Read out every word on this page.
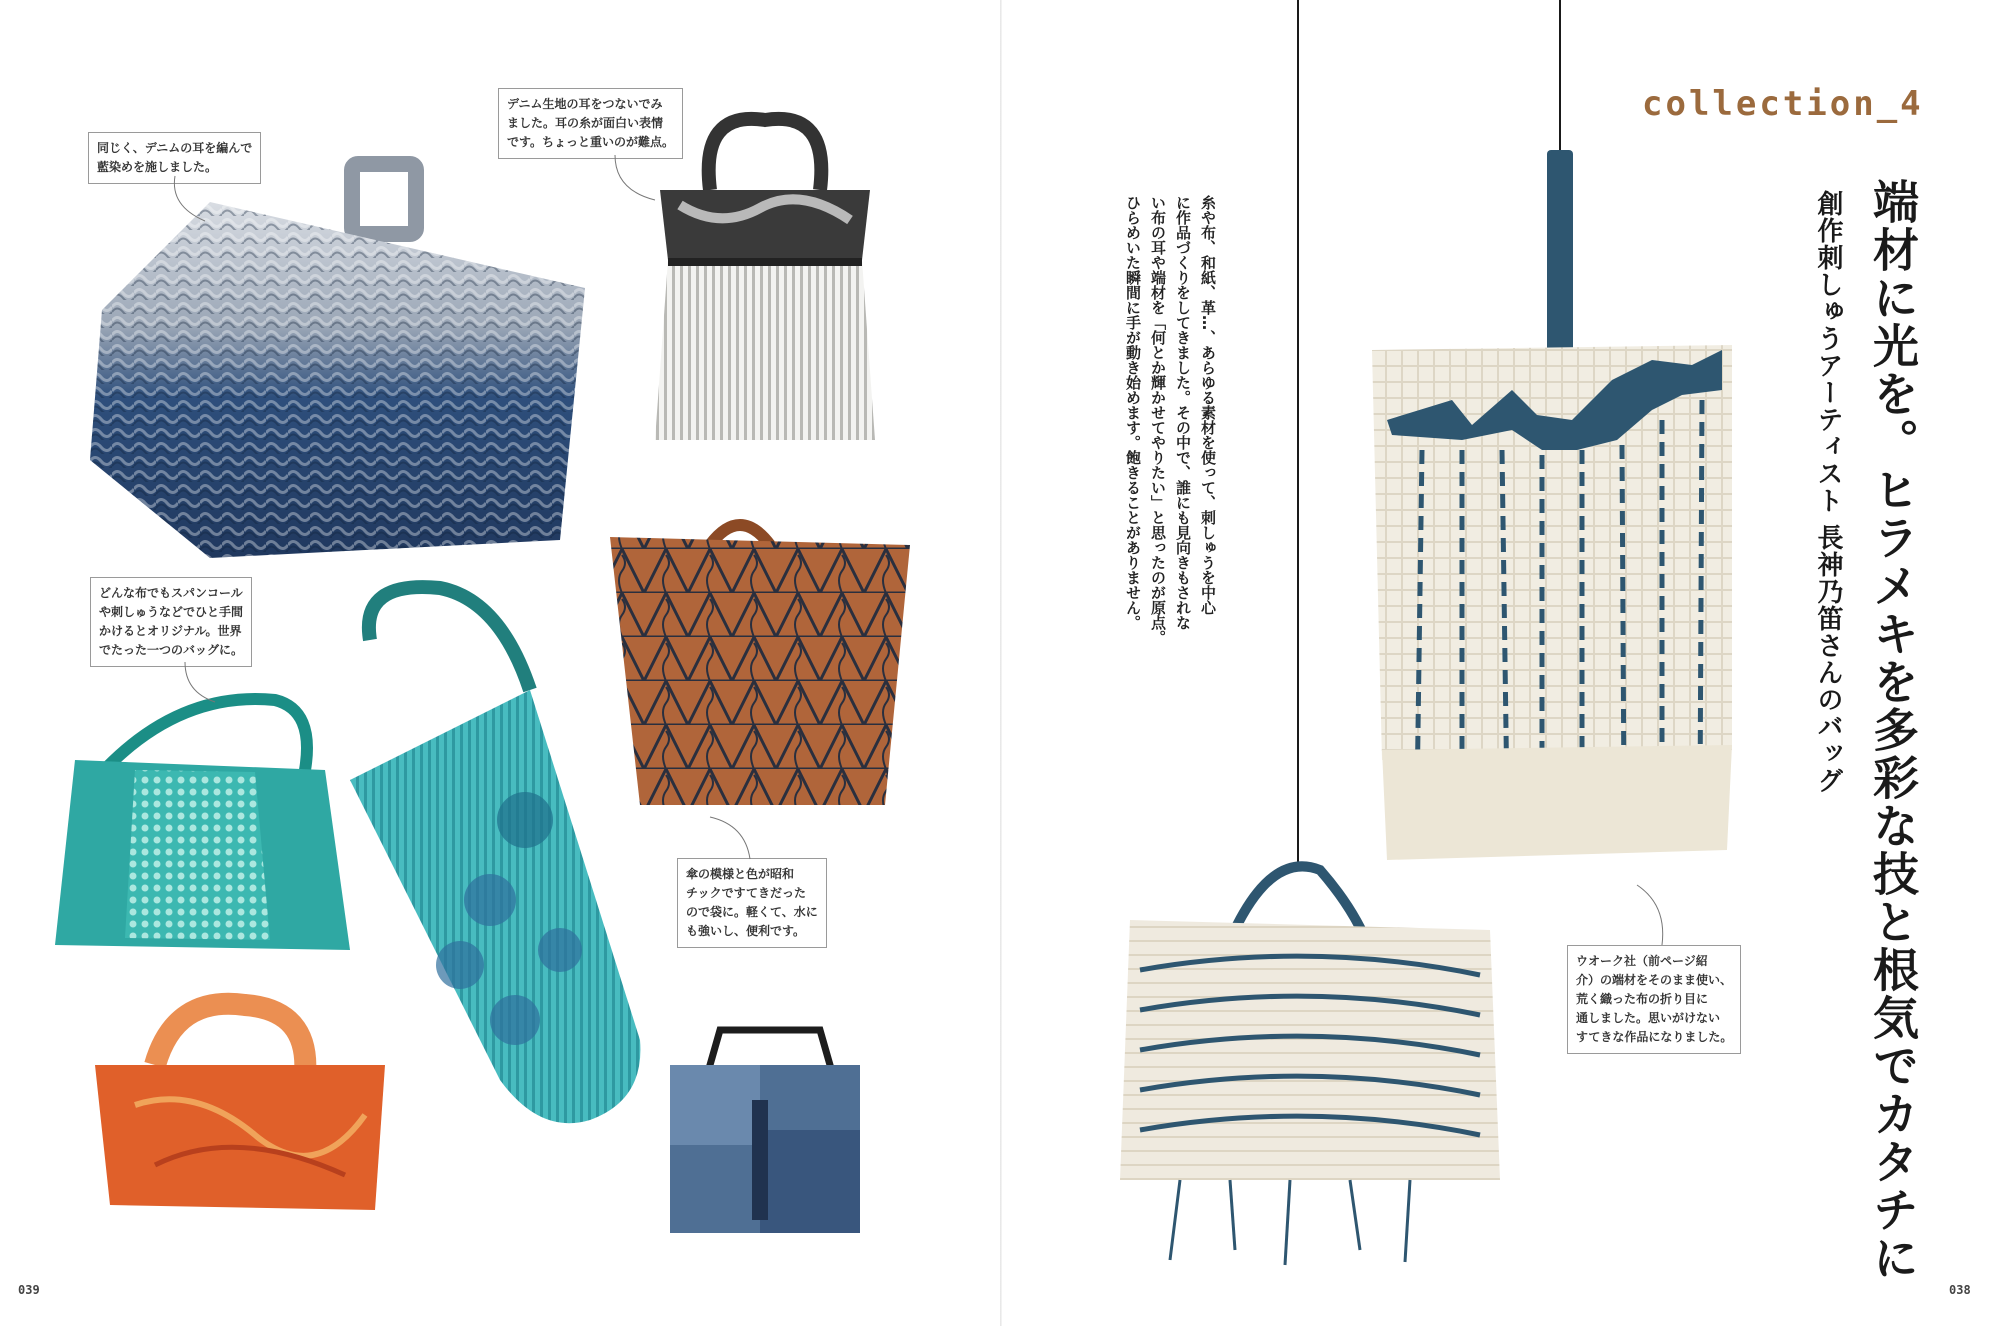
同じく、デニムの耳を編んで
藍染めを施しました。
デニム生地の耳をつないでみ
ました。耳の糸が面白い表情
です。ちょっと重いのが難点。
どんな布でもスパンコール
や刺しゅうなどでひと手間
かけるとオリジナル。世界
でたった一つのバッグに。
傘の模様と色が昭和
チックですてきだった
ので袋に。軽くて、水に
も強いし、便利です。
039
collection_4
端材に光を。ヒラメキを多彩な技と根気でカタチに
創作刺しゅうアーティスト 長神乃笛さんのバッグ
糸や布、和紙、革…、あらゆる素材を使って、刺しゅうを中心
に作品づくりをしてきました。その中で、誰にも見向きもされな
い布の耳や端材を「何とか輝かせてやりたい」と思ったのが原点。
ひらめいた瞬間に手が動き始めます。飽きることがありません。
ウオーク社（前ページ紹
介）の端材をそのまま使い、
荒く織った布の折り目に
通しました。思いがけない
すてきな作品になりました。
038
